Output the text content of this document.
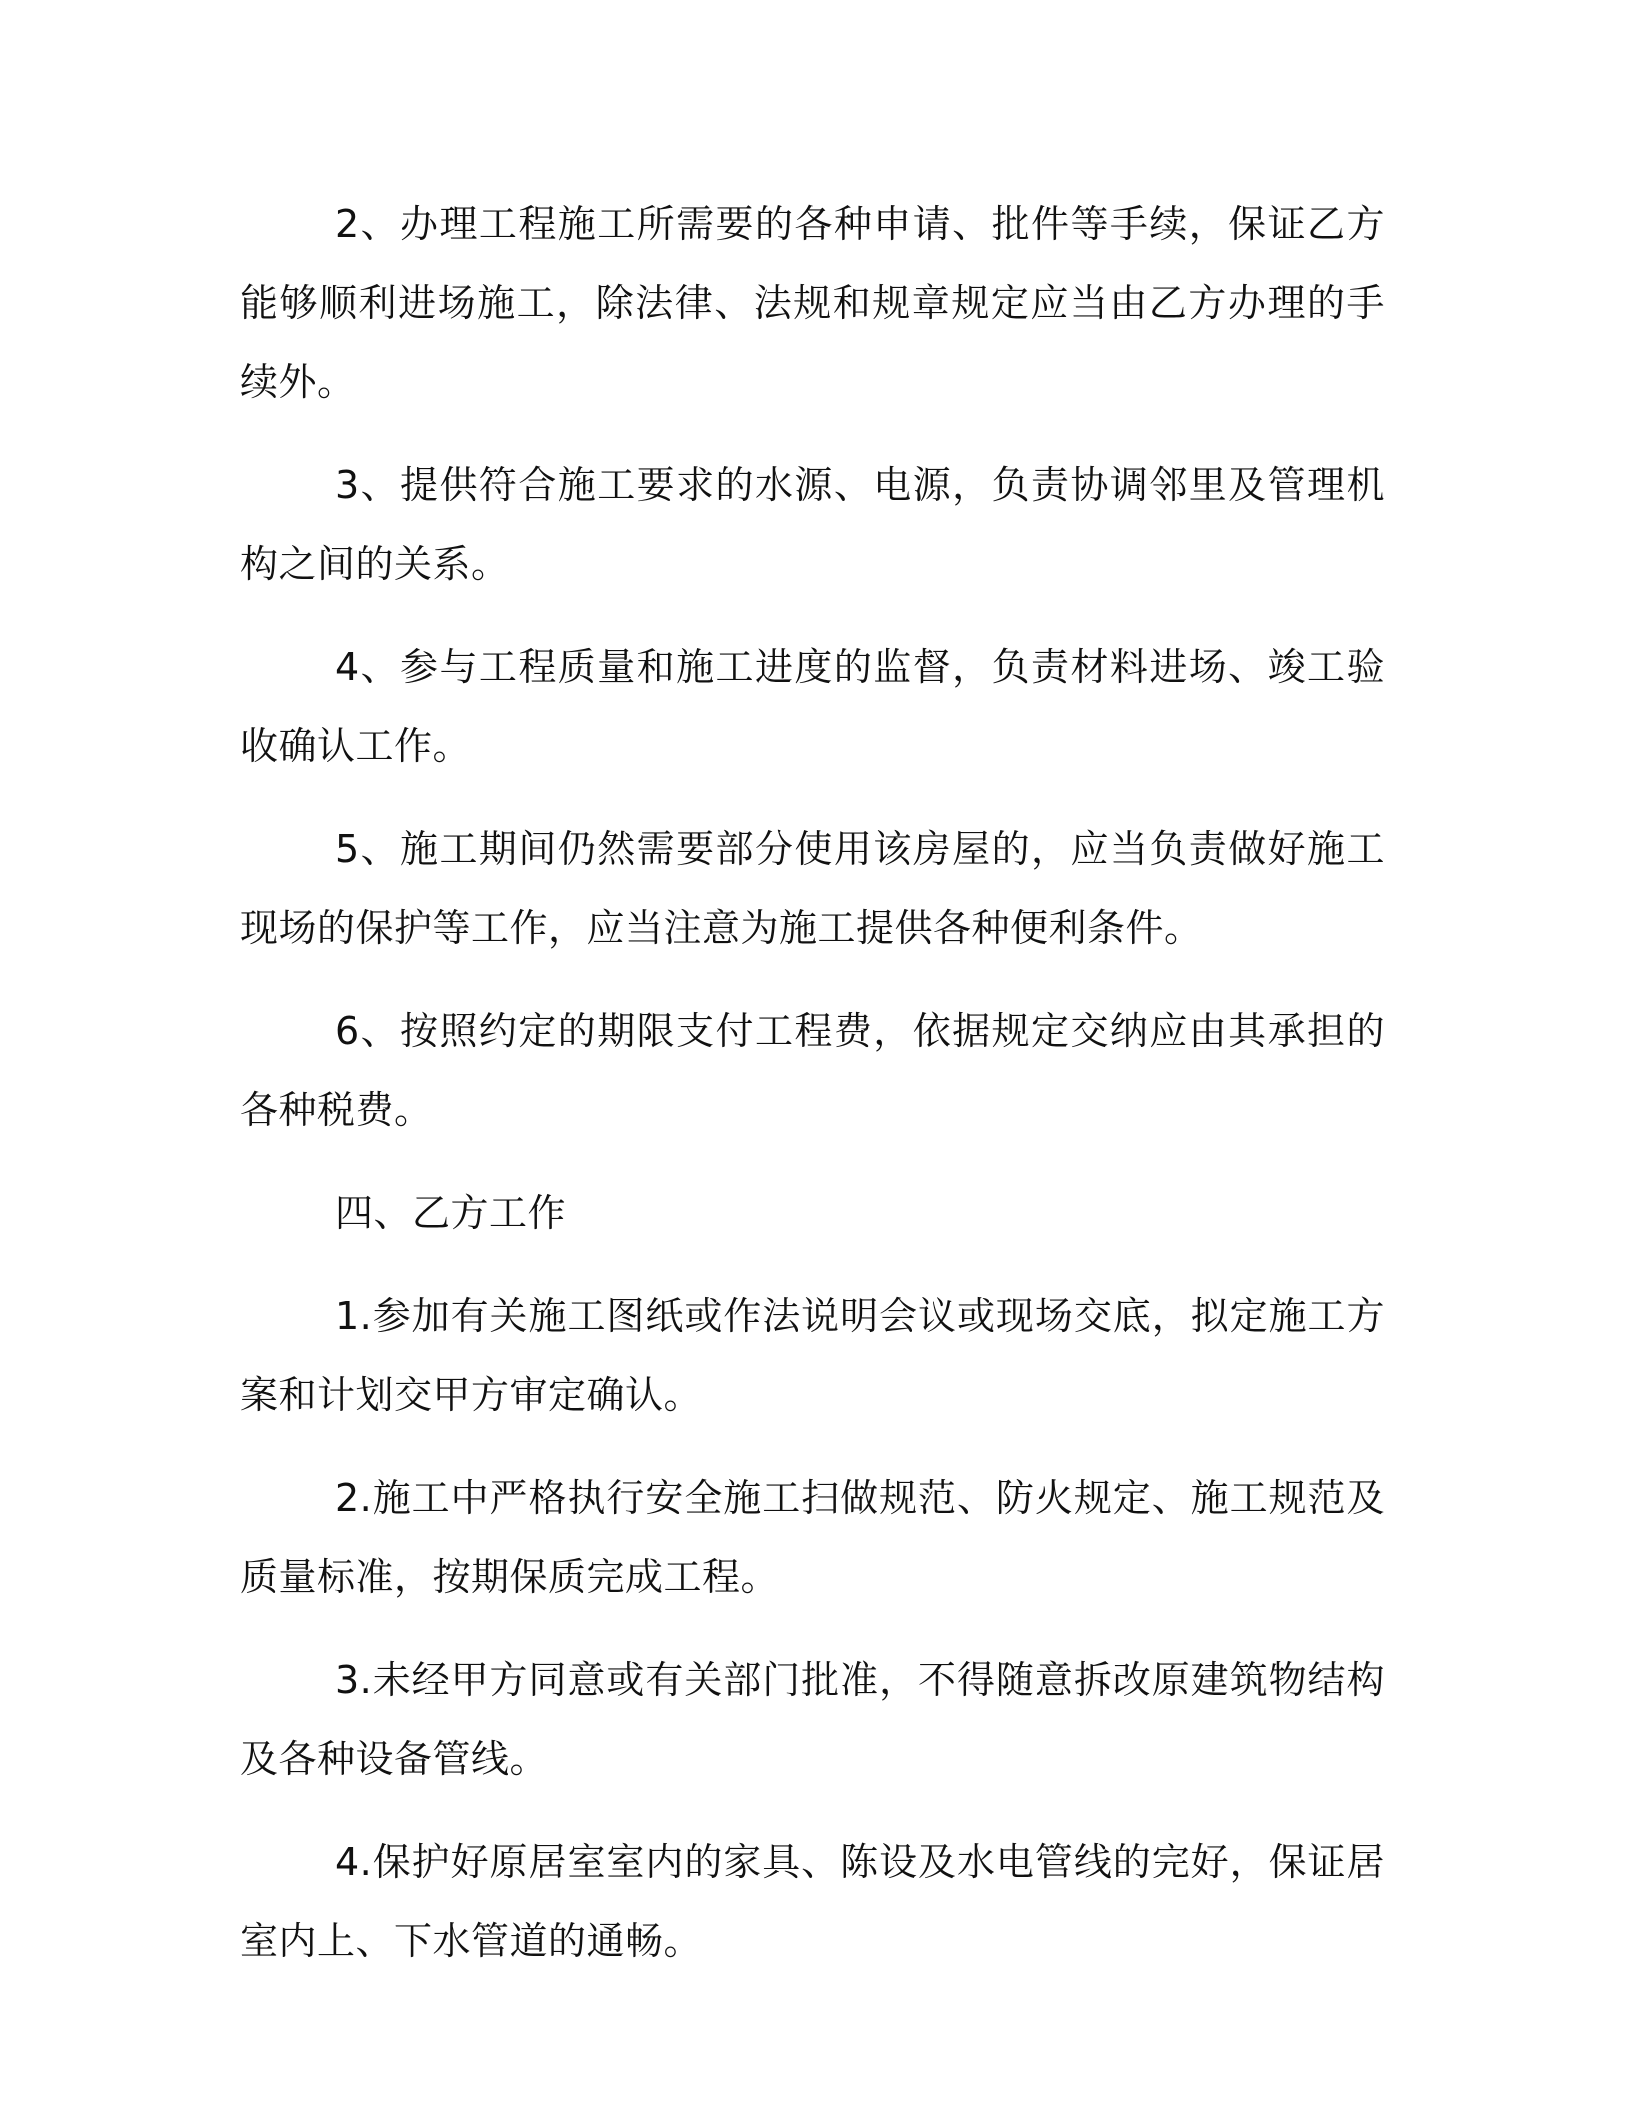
2、办理工程施工所需要的各种申请、批件等手续，保证乙方能够顺利进场施工，除法律、法规和规章规定应当由乙方办理的手续外。

3、提供符合施工要求的水源、电源，负责协调邻里及管理机构之间的关系。

4、参与工程质量和施工进度的监督，负责材料进场、竣工验收确认工作。

5、施工期间仍然需要部分使用该房屋的，应当负责做好施工现场的保护等工作，应当注意为施工提供各种便利条件。

6、按照约定的期限支付工程费，依据规定交纳应由其承担的各种税费。

四、乙方工作

1.参加有关施工图纸或作法说明会议或现场交底，拟定施工方案和计划交甲方审定确认。

2.施工中严格执行安全施工扫做规范、防火规定、施工规范及质量标准，按期保质完成工程。

3.未经甲方同意或有关部门批准，不得随意拆改原建筑物结构及各种设备管线。

4.保护好原居室室内的家具、陈设及水电管线的完好，保证居室内上、下水管道的通畅。
